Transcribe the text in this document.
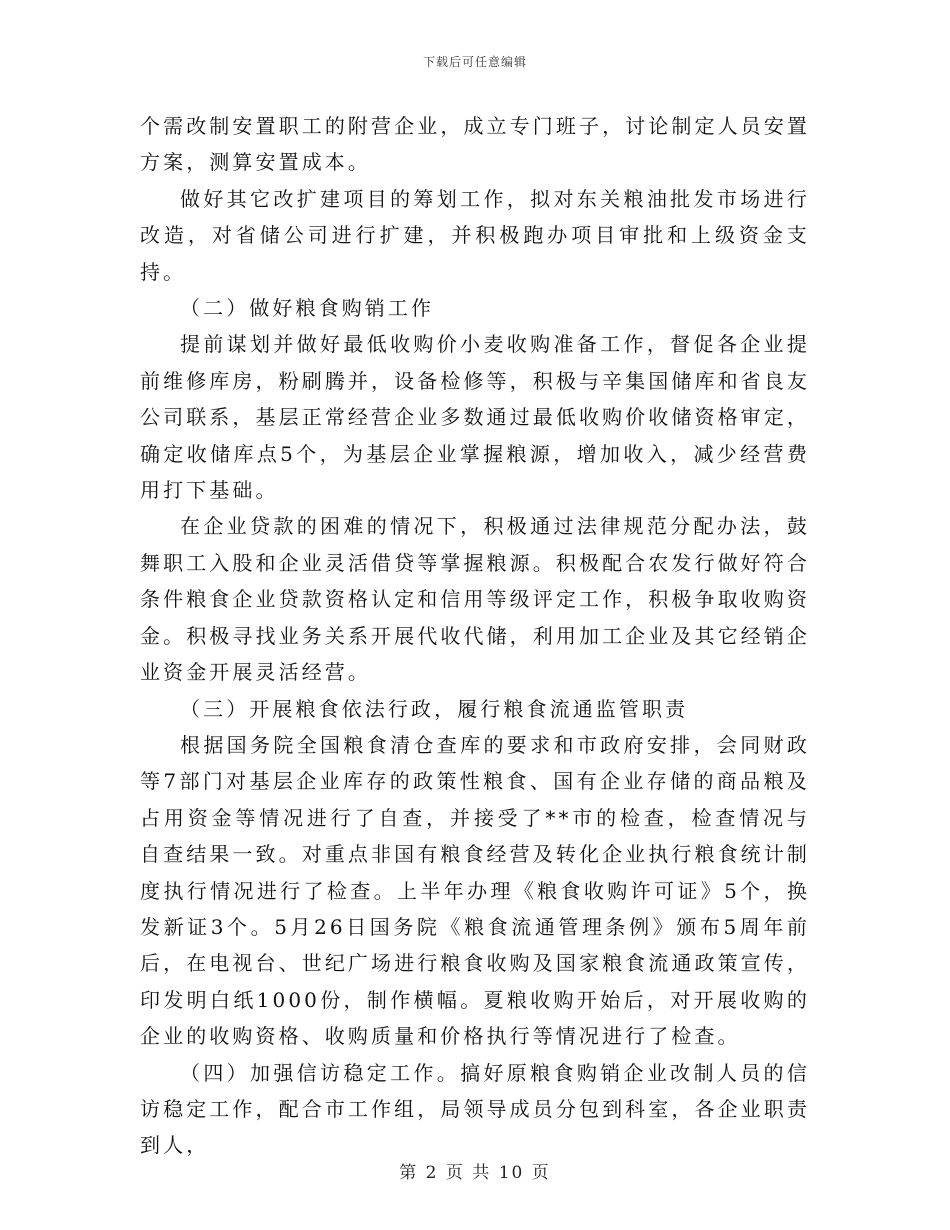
下载后可任意编辑

个需改制安置职工的附营企业，成立专门班子，讨论制定人员安置方案，测算安置成本。

做好其它改扩建项目的筹划工作，拟对东关粮油批发市场进行改造，对省储公司进行扩建，并积极跑办项目审批和上级资金支持。

（二）做好粮食购销工作

提前谋划并做好最低收购价小麦收购准备工作，督促各企业提前维修库房，粉刷腾并，设备检修等，积极与辛集国储库和省良友公司联系，基层正常经营企业多数通过最低收购价收储资格审定，确定收储库点5个，为基层企业掌握粮源，增加收入，减少经营费用打下基础。

在企业贷款的困难的情况下，积极通过法律规范分配办法，鼓舞职工入股和企业灵活借贷等掌握粮源。积极配合农发行做好符合条件粮食企业贷款资格认定和信用等级评定工作，积极争取收购资金。积极寻找业务关系开展代收代储，利用加工企业及其它经销企业资金开展灵活经营。

（三）开展粮食依法行政，履行粮食流通监管职责

根据国务院全国粮食清仓查库的要求和市政府安排，会同财政等7部门对基层企业库存的政策性粮食、国有企业存储的商品粮及占用资金等情况进行了自查，并接受了**市的检查，检查情况与自查结果一致。对重点非国有粮食经营及转化企业执行粮食统计制度执行情况进行了检查。上半年办理《粮食收购许可证》5个，换发新证3个。5月26日国务院《粮食流通管理条例》颁布5周年前后，在电视台、世纪广场进行粮食收购及国家粮食流通政策宣传，印发明白纸1000份，制作横幅。夏粮收购开始后，对开展收购的企业的收购资格、收购质量和价格执行等情况进行了检查。

（四）加强信访稳定工作。搞好原粮食购销企业改制人员的信访稳定工作，配合市工作组，局领导成员分包到科室，各企业职责到人，

第 2 页 共 10 页
